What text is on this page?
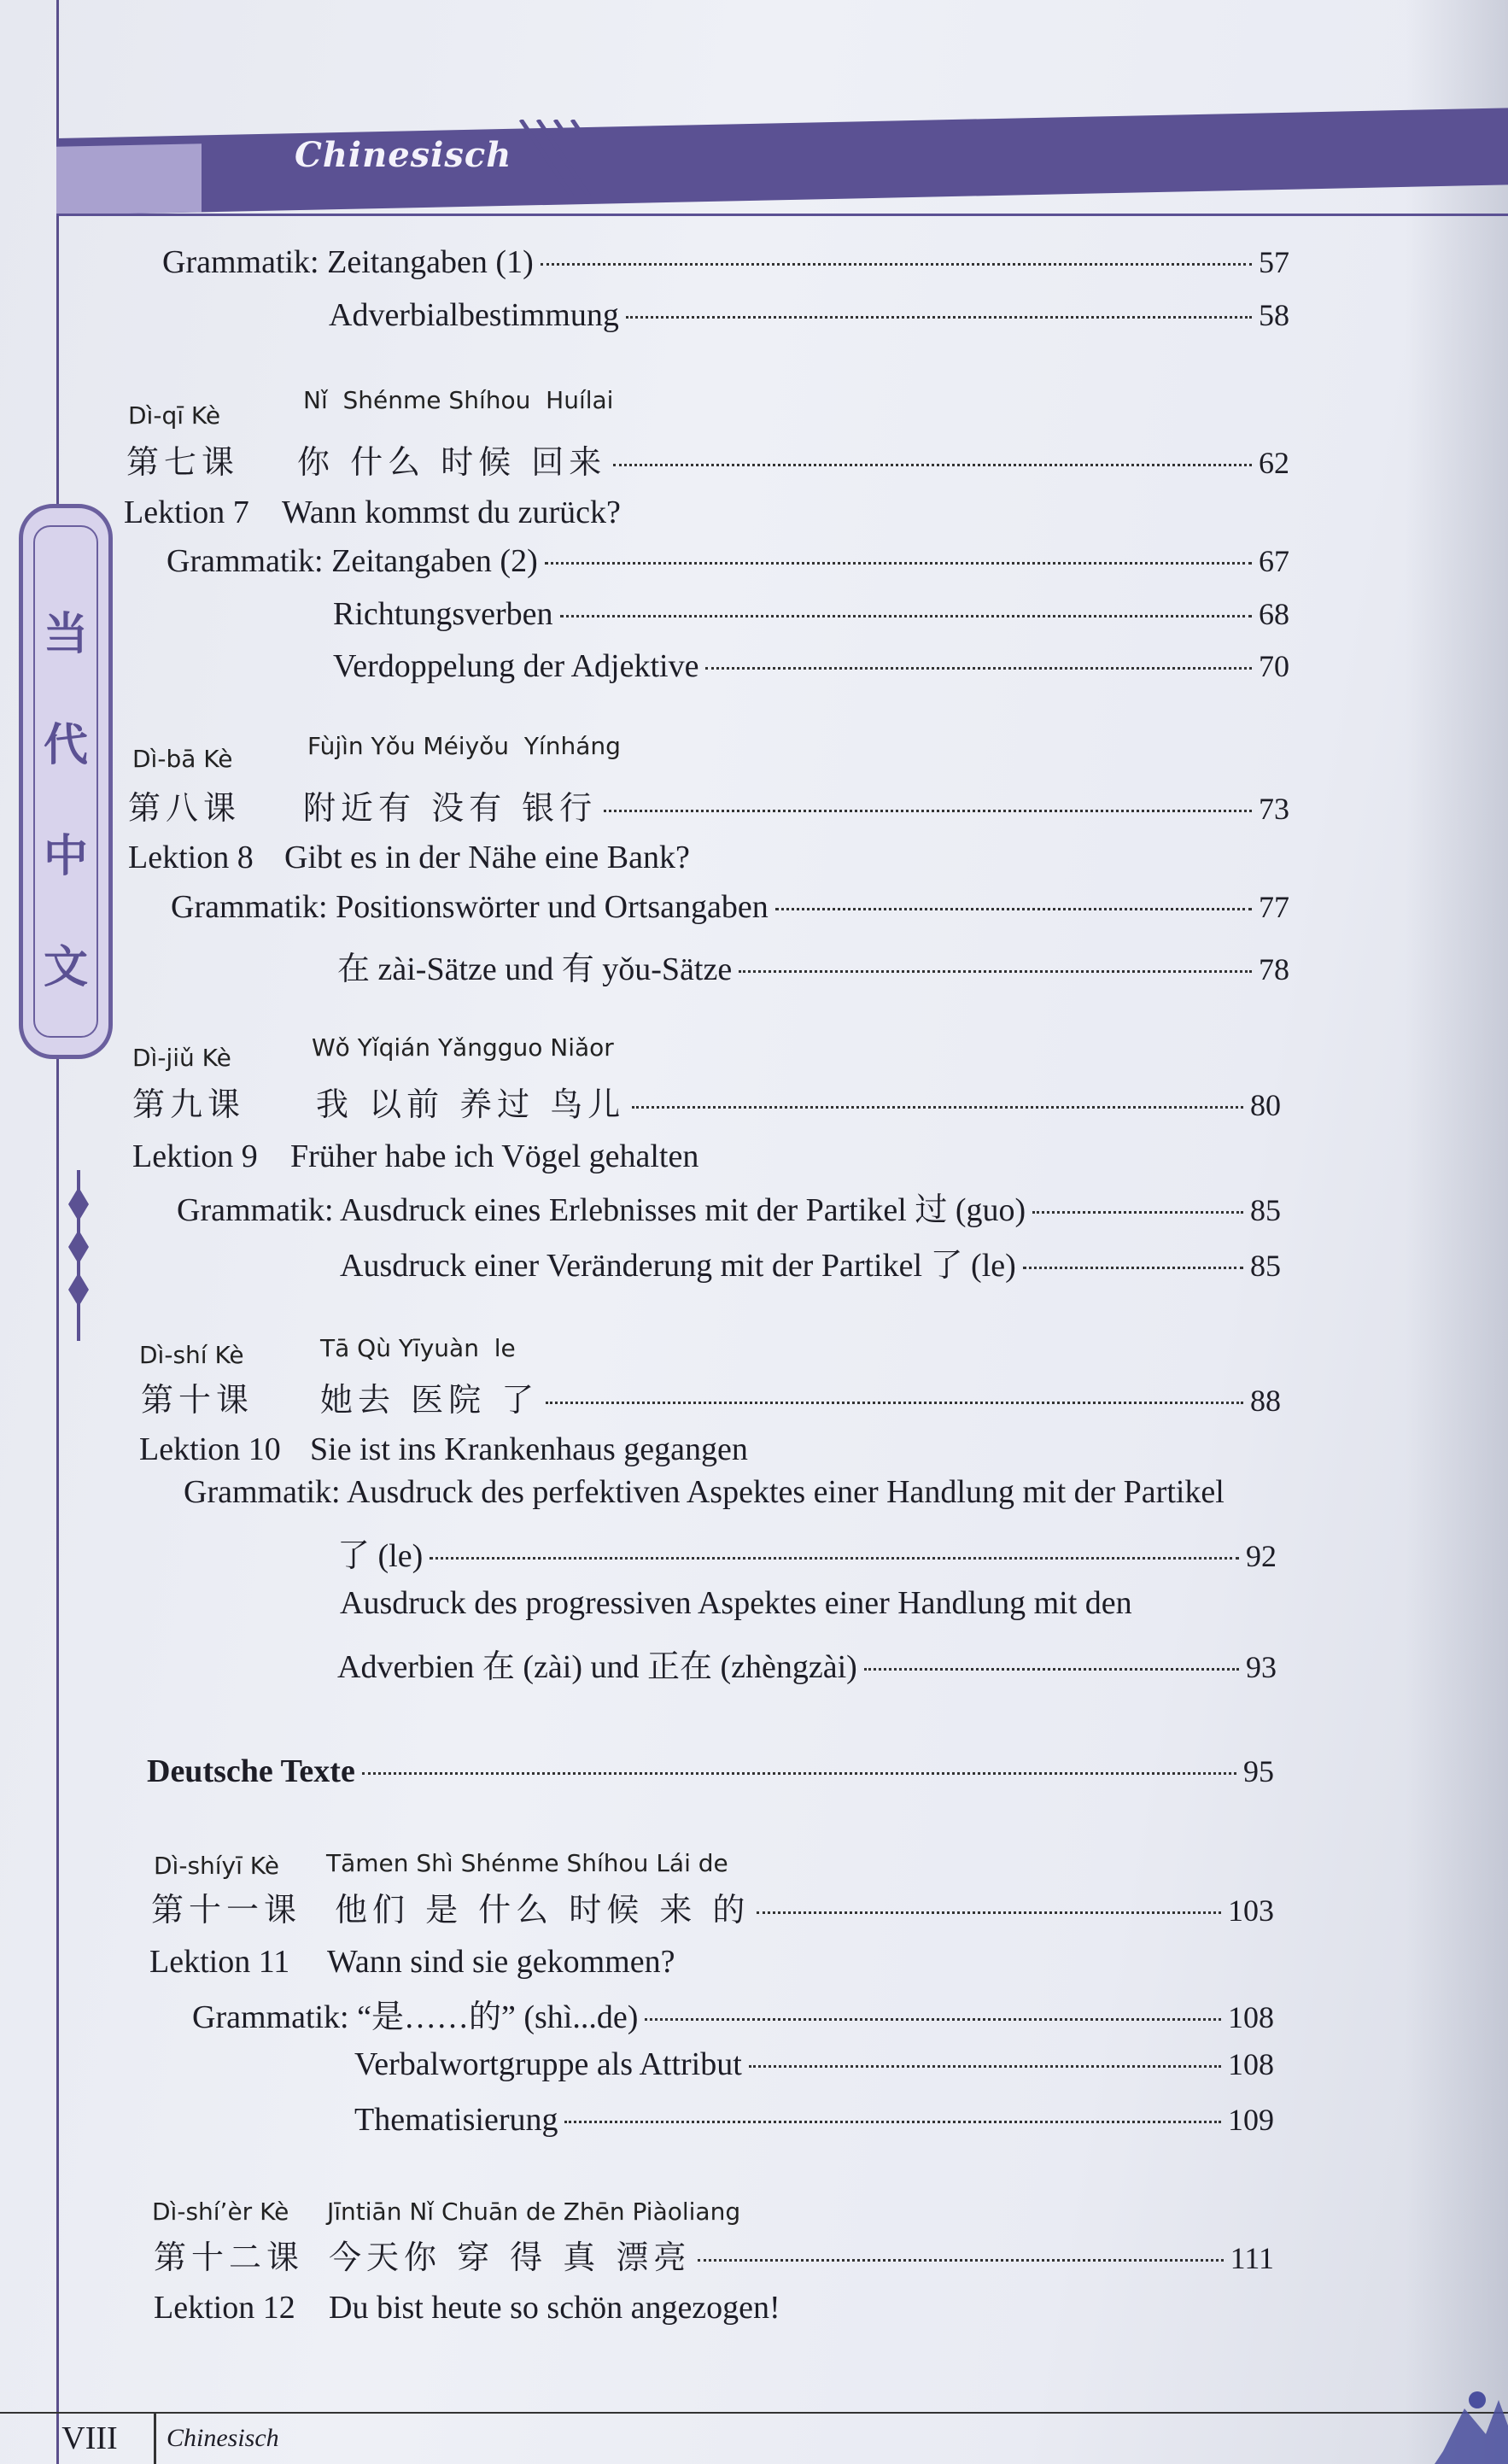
Chinesisch
当
代
中
文
Grammatik: Zeitangaben (1)	57
Adverbialbestimmung	58
Dì-qī Kè
Nǐ  Shénme Shíhou  Huílai
第七课	你 什么 时候 回来	62
Lektion 7	Wann kommst du zurück?
Grammatik: Zeitangaben (2)	67
Richtungsverben	68
Verdoppelung der Adjektive	70
Dì-bā Kè	Fùjìn Yǒu Méiyǒu  Yínháng
第八课	附近有 没有 银行	73
Lektion 8 Gibt es in der Nähe eine Bank?
Grammatik: Positionswörter und Ortsangaben	77
在 zài-Sätze und 有 yǒu-Sätze	78
Dì-jiǔ Kè	Wǒ Yǐqián Yǎngguo Niǎor
第九课	我 以前 养过 鸟儿	80
Lektion 9	Früher habe ich Vögel gehalten
Grammatik: Ausdruck eines Erlebnisses mit der Partikel 过 (guo)	85
Ausdruck einer Veränderung mit der Partikel 了 (le)	85
Dì-shí Kè	Tā Qù Yīyuàn  le
第十课	她去 医院 了	88
Lektion 10 Sie ist ins Krankenhaus gegangen
Grammatik: Ausdruck des perfektiven Aspektes einer Handlung mit der Partikel
了 (le)	92
Ausdruck des progressiven Aspektes einer Handlung mit den
Adverbien 在 (zài) und 正在 (zhèngzài)	93
Deutsche Texte	95
Dì-shíyī Kè Tāmen Shì Shénme Shíhou Lái de
第十一课	他们 是 什么 时候 来 的	103
Lektion 11	Wann sind sie gekommen?
Grammatik: “是……的” (shì...de)	108
Verbalwortgruppe als Attribut	108
Thematisierung	109
Dì-shí’èr Kè Jīntiān Nǐ Chuān de Zhēn Piàoliang
第十二课 今天你 穿 得 真 漂亮	111
Lektion 12	Du bist heute so schön angezogen!
VIII	Chinesisch
